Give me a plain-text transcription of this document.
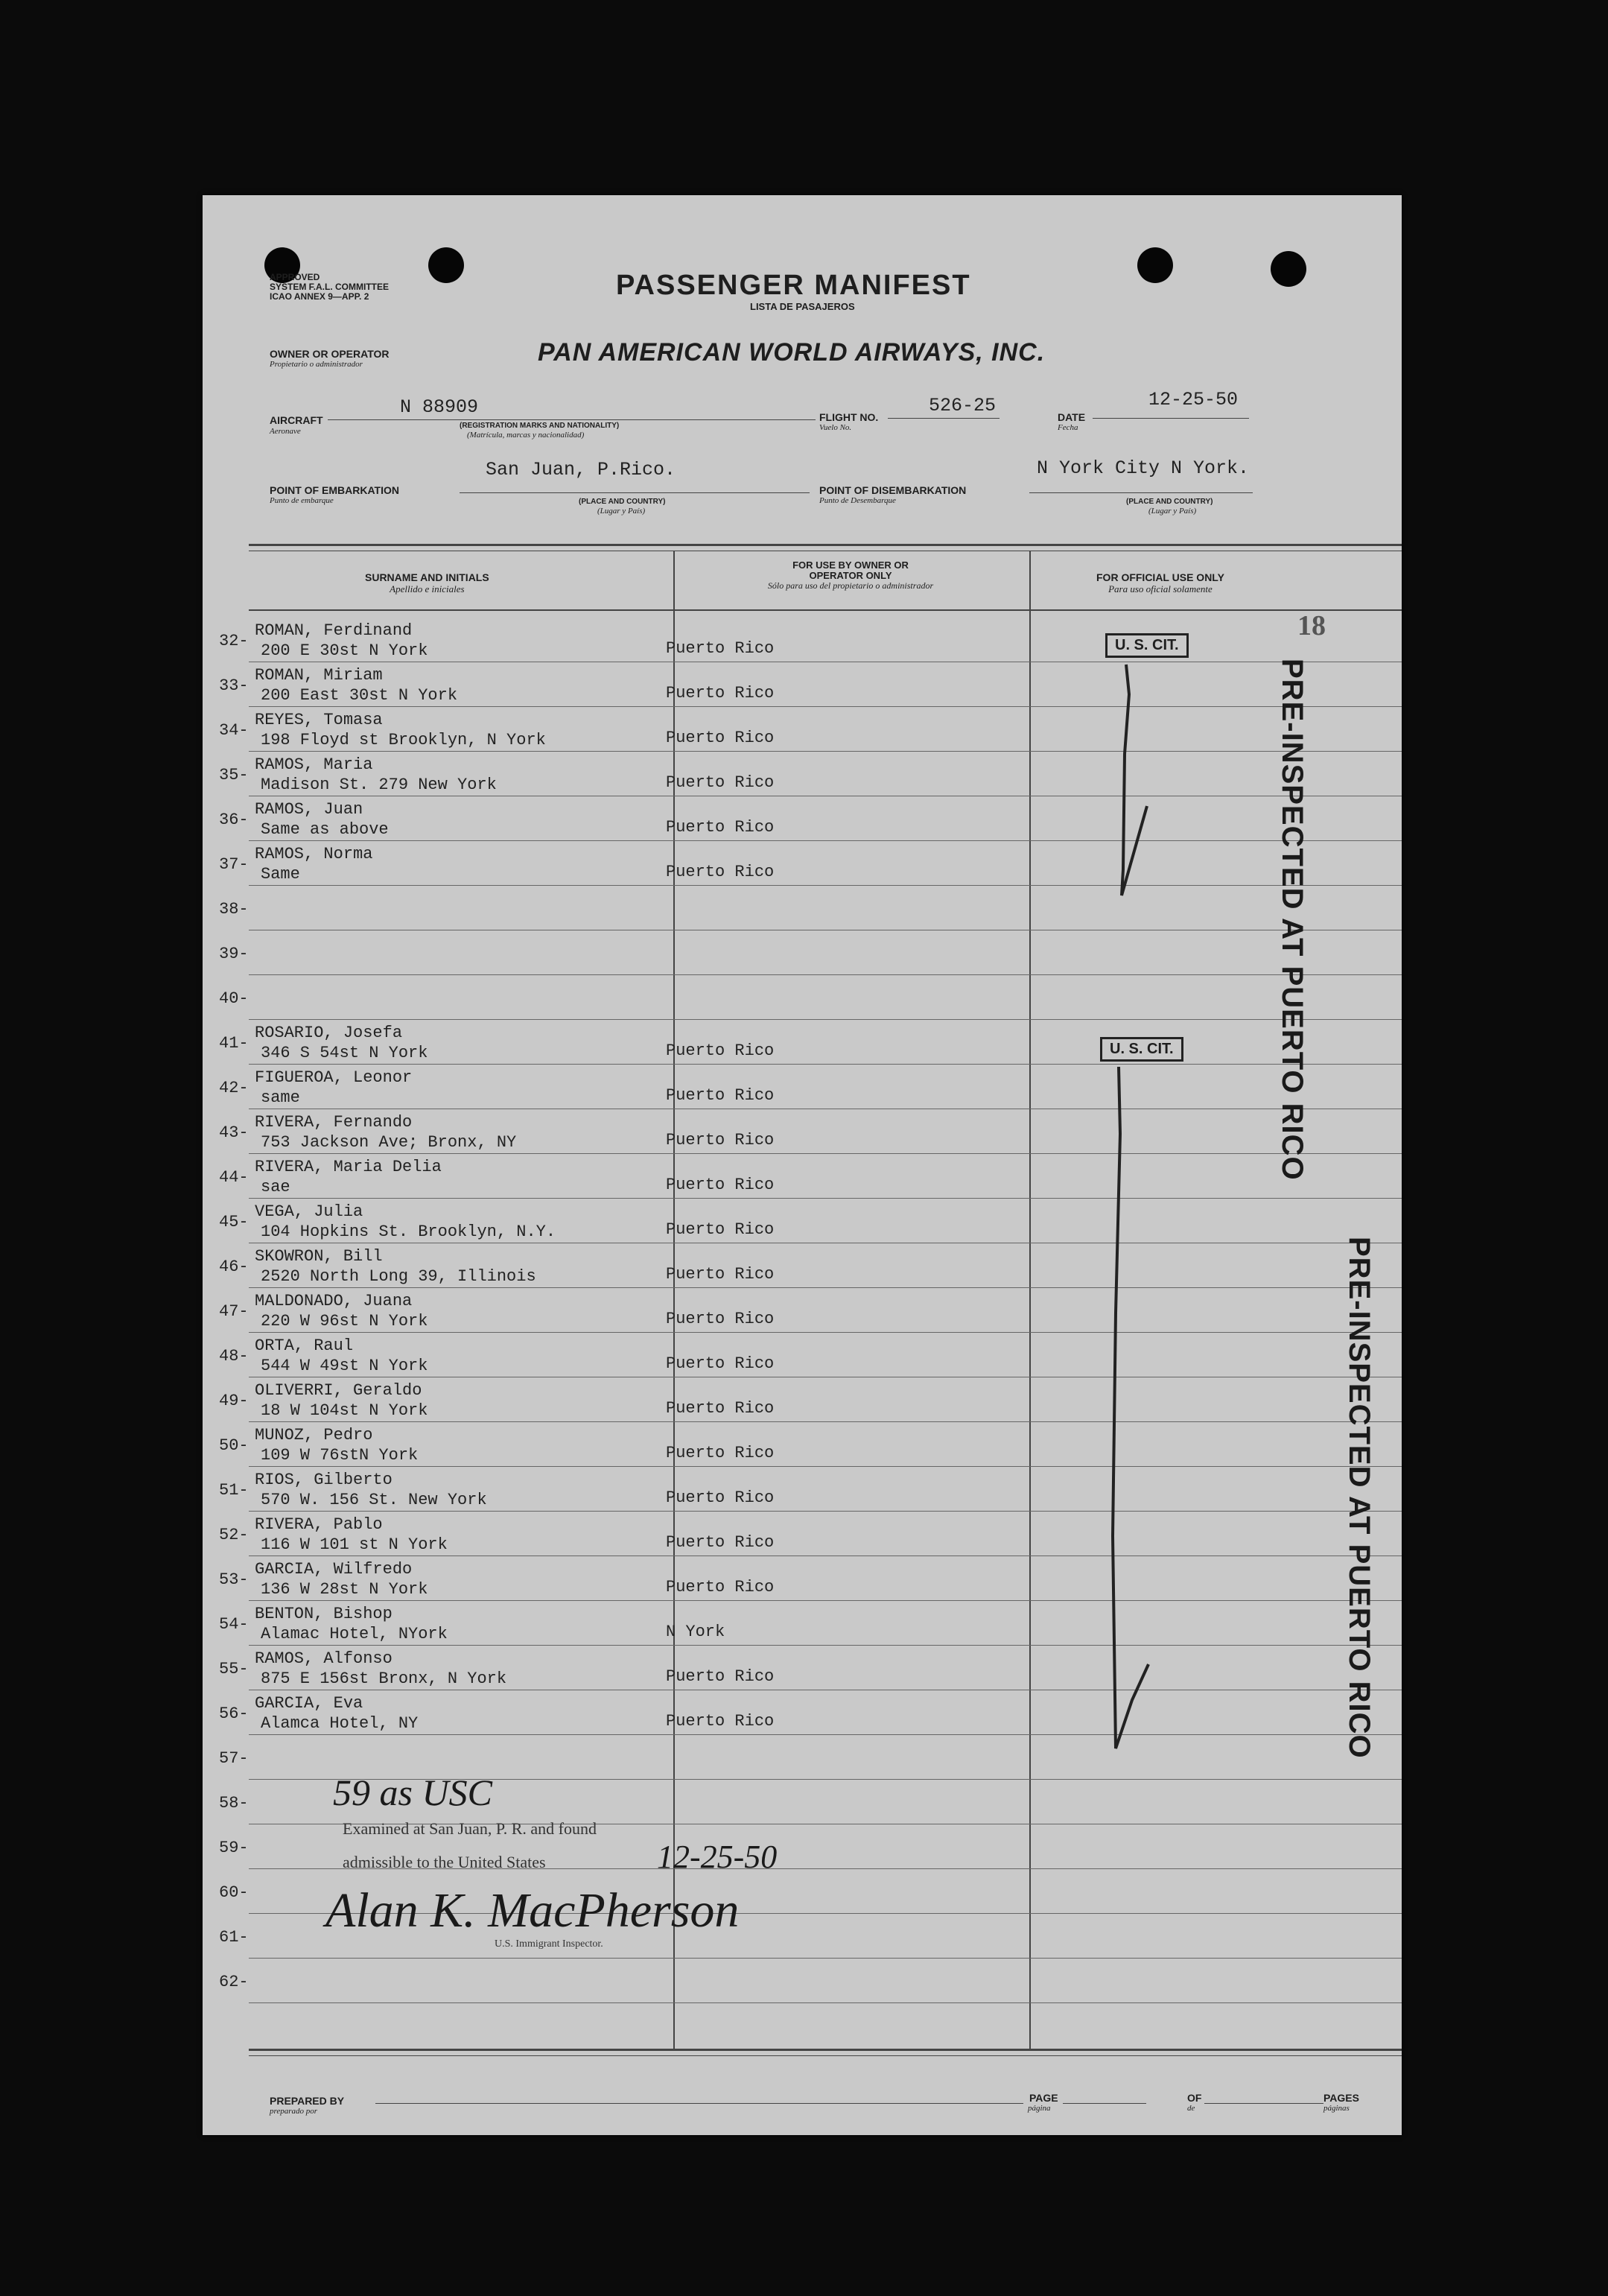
APPROVED
SYSTEM F.A.L. COMMITTEE
ICAO ANNEX 9—APP. 2	PASSENGER MANIFEST
LISTA DE PASAJEROS
OWNER OR OPERATOR
Propietario o administrador	PAN AMERICAN WORLD AIRWAYS, INC.
N 88909	526-25	12-25-50
AIRCRAFT
Aeronave
(REGISTRATION MARKS AND NATIONALITY)
(Matrícula, marcas y nacionalidad)
FLIGHT NO.
Vuelo No.
DATE
Fecha
San Juan, P.Rico.	N York City N York.
POINT OF EMBARKATION
Punto de embarque	(PLACE AND COUNTRY)
(Lugar y País)
POINT OF DISEMBARKATION
Punto de Desembarque	(PLACE AND COUNTRY)
(Lugar y País)
SURNAME AND INITIALS
Apellido e iniciales
FOR USE BY OWNER OR OPERATOR ONLY
Sólo para uso del propietario o administrador
FOR OFFICIAL USE ONLY
Para uso oficial solamente
18
32-
ROMAN, Ferdinand
200 E 30st N York	Puerto Rico
33-
ROMAN, Miriam
200 East 30st N York	Puerto Rico
34-
REYES, Tomasa
198 Floyd st Brooklyn, N York	Puerto Rico
35-
RAMOS, Maria
Madison St. 279 New York	Puerto Rico
36-
RAMOS, Juan
Same as above	Puerto Rico
37-
RAMOS, Norma
Same	Puerto Rico
38-
39-
40-
41-
ROSARIO, Josefa
346 S 54st N York	Puerto Rico
42-
FIGUEROA, Leonor
same	Puerto Rico
43-
RIVERA, Fernando
753 Jackson Ave; Bronx, NY	Puerto Rico
44-
RIVERA, Maria Delia
sae	Puerto Rico
45-
VEGA, Julia
104 Hopkins St. Brooklyn, N.Y.	Puerto Rico
46-
SKOWRON, Bill
2520 North Long 39, Illinois	Puerto Rico
47-
MALDONADO, Juana
220 W 96st N York	Puerto Rico
48-
ORTA, Raul
544 W 49st N York	Puerto Rico
49-
OLIVERRI, Geraldo
18 W 104st N York	Puerto Rico
50-
MUNOZ, Pedro
109 W 76stN York	Puerto Rico
51-
RIOS, Gilberto
570 W. 156 St. New York	Puerto Rico
52-
RIVERA, Pablo
116 W 101 st N York	Puerto Rico
53-
GARCIA, Wilfredo
136 W 28st N York	Puerto Rico
54-
BENTON, Bishop
Alamac Hotel, NYork	N York
55-
RAMOS, Alfonso
875 E 156st Bronx, N York	Puerto Rico
56-
GARCIA, Eva
Alamca Hotel, NY	Puerto Rico
57-
58-
59-
60-
61-
62-
U. S. CIT.
U. S. CIT.	PRE-INSPECTED AT PUERTO RICO
PRE-INSPECTED AT PUERTO RICO
59 as USC
Examined at San Juan, P. R. and found
admissible to the United States	12-25-50
Alan K. MacPherson
U.S. Immigrant Inspector.
PREPARED BY
preparado por
PAGE
página
OF
de
PAGES
páginas
